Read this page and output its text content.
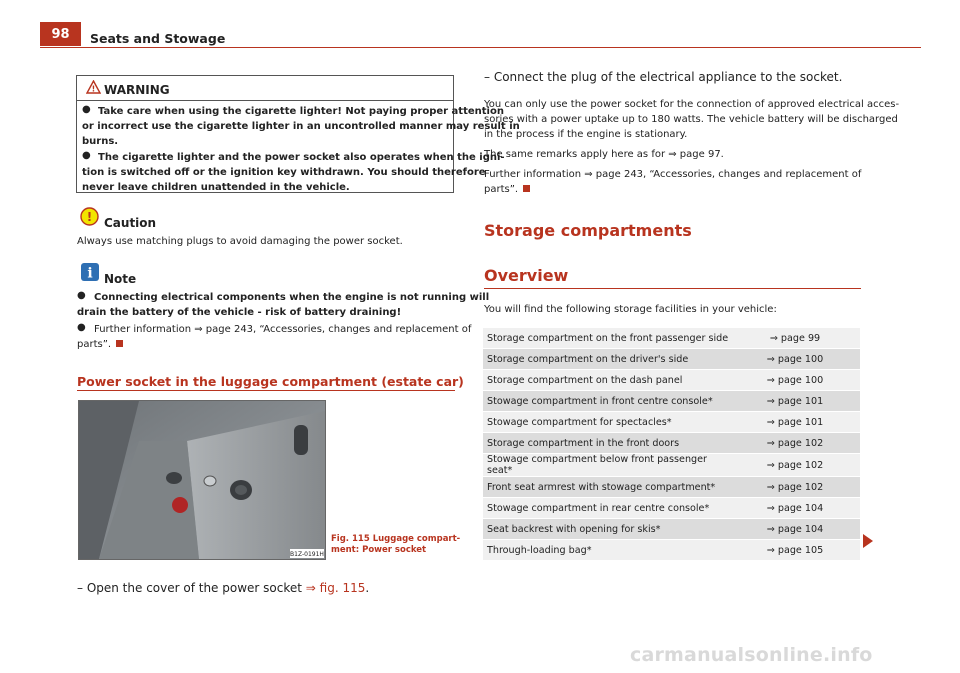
98	Seats and Stowage
! WARNING
● Take care when using the cigarette lighter! Not paying proper attention
or incorrect use the cigarette lighter in an uncontrolled manner may result in
burns.
● The cigarette lighter and the power socket also operates when the igni-
tion is switched off or the ignition key withdrawn. You should therefore
never leave children unattended in the vehicle.
! Caution
Always use matching plugs to avoid damaging the power socket.
i Note
● Connecting electrical components when the engine is not running will
drain the battery of the vehicle - risk of battery draining!
● Further information ⇒ page 243, “Accessories, changes and replacement of
parts”.
Power socket in the luggage compartment (estate car)
B1Z-0191H
Fig. 115 Luggage compart-
ment: Power socket
– Open the cover of the power socket ⇒ fig. 115.
– Connect the plug of the electrical appliance to the socket.
You can only use the power socket for the connection of approved electrical acces-
sories with a power uptake up to 180 watts. The vehicle battery will be discharged
in the process if the engine is stationary.
The same remarks apply here as for ⇒ page 97.
Further information ⇒ page 243, “Accessories, changes and replacement of
parts”.
Storage compartments
Overview
You will find the following storage facilities in your vehicle:
Storage compartment on the front passenger side	⇒ page 99
Storage compartment on the driver's side	⇒ page 100
Storage compartment on the dash panel	⇒ page 100
Stowage compartment in front centre console*	⇒ page 101
Stowage compartment for spectacles*	⇒ page 101
Storage compartment in the front doors	⇒ page 102
Stowage compartment below front passenger seat*	⇒ page 102
Front seat armrest with stowage compartment*	⇒ page 102
Stowage compartment in rear centre console*	⇒ page 104
Seat backrest with opening for skis*	⇒ page 104
Through-loading bag*	⇒ page 105
carmanualsonline.info
